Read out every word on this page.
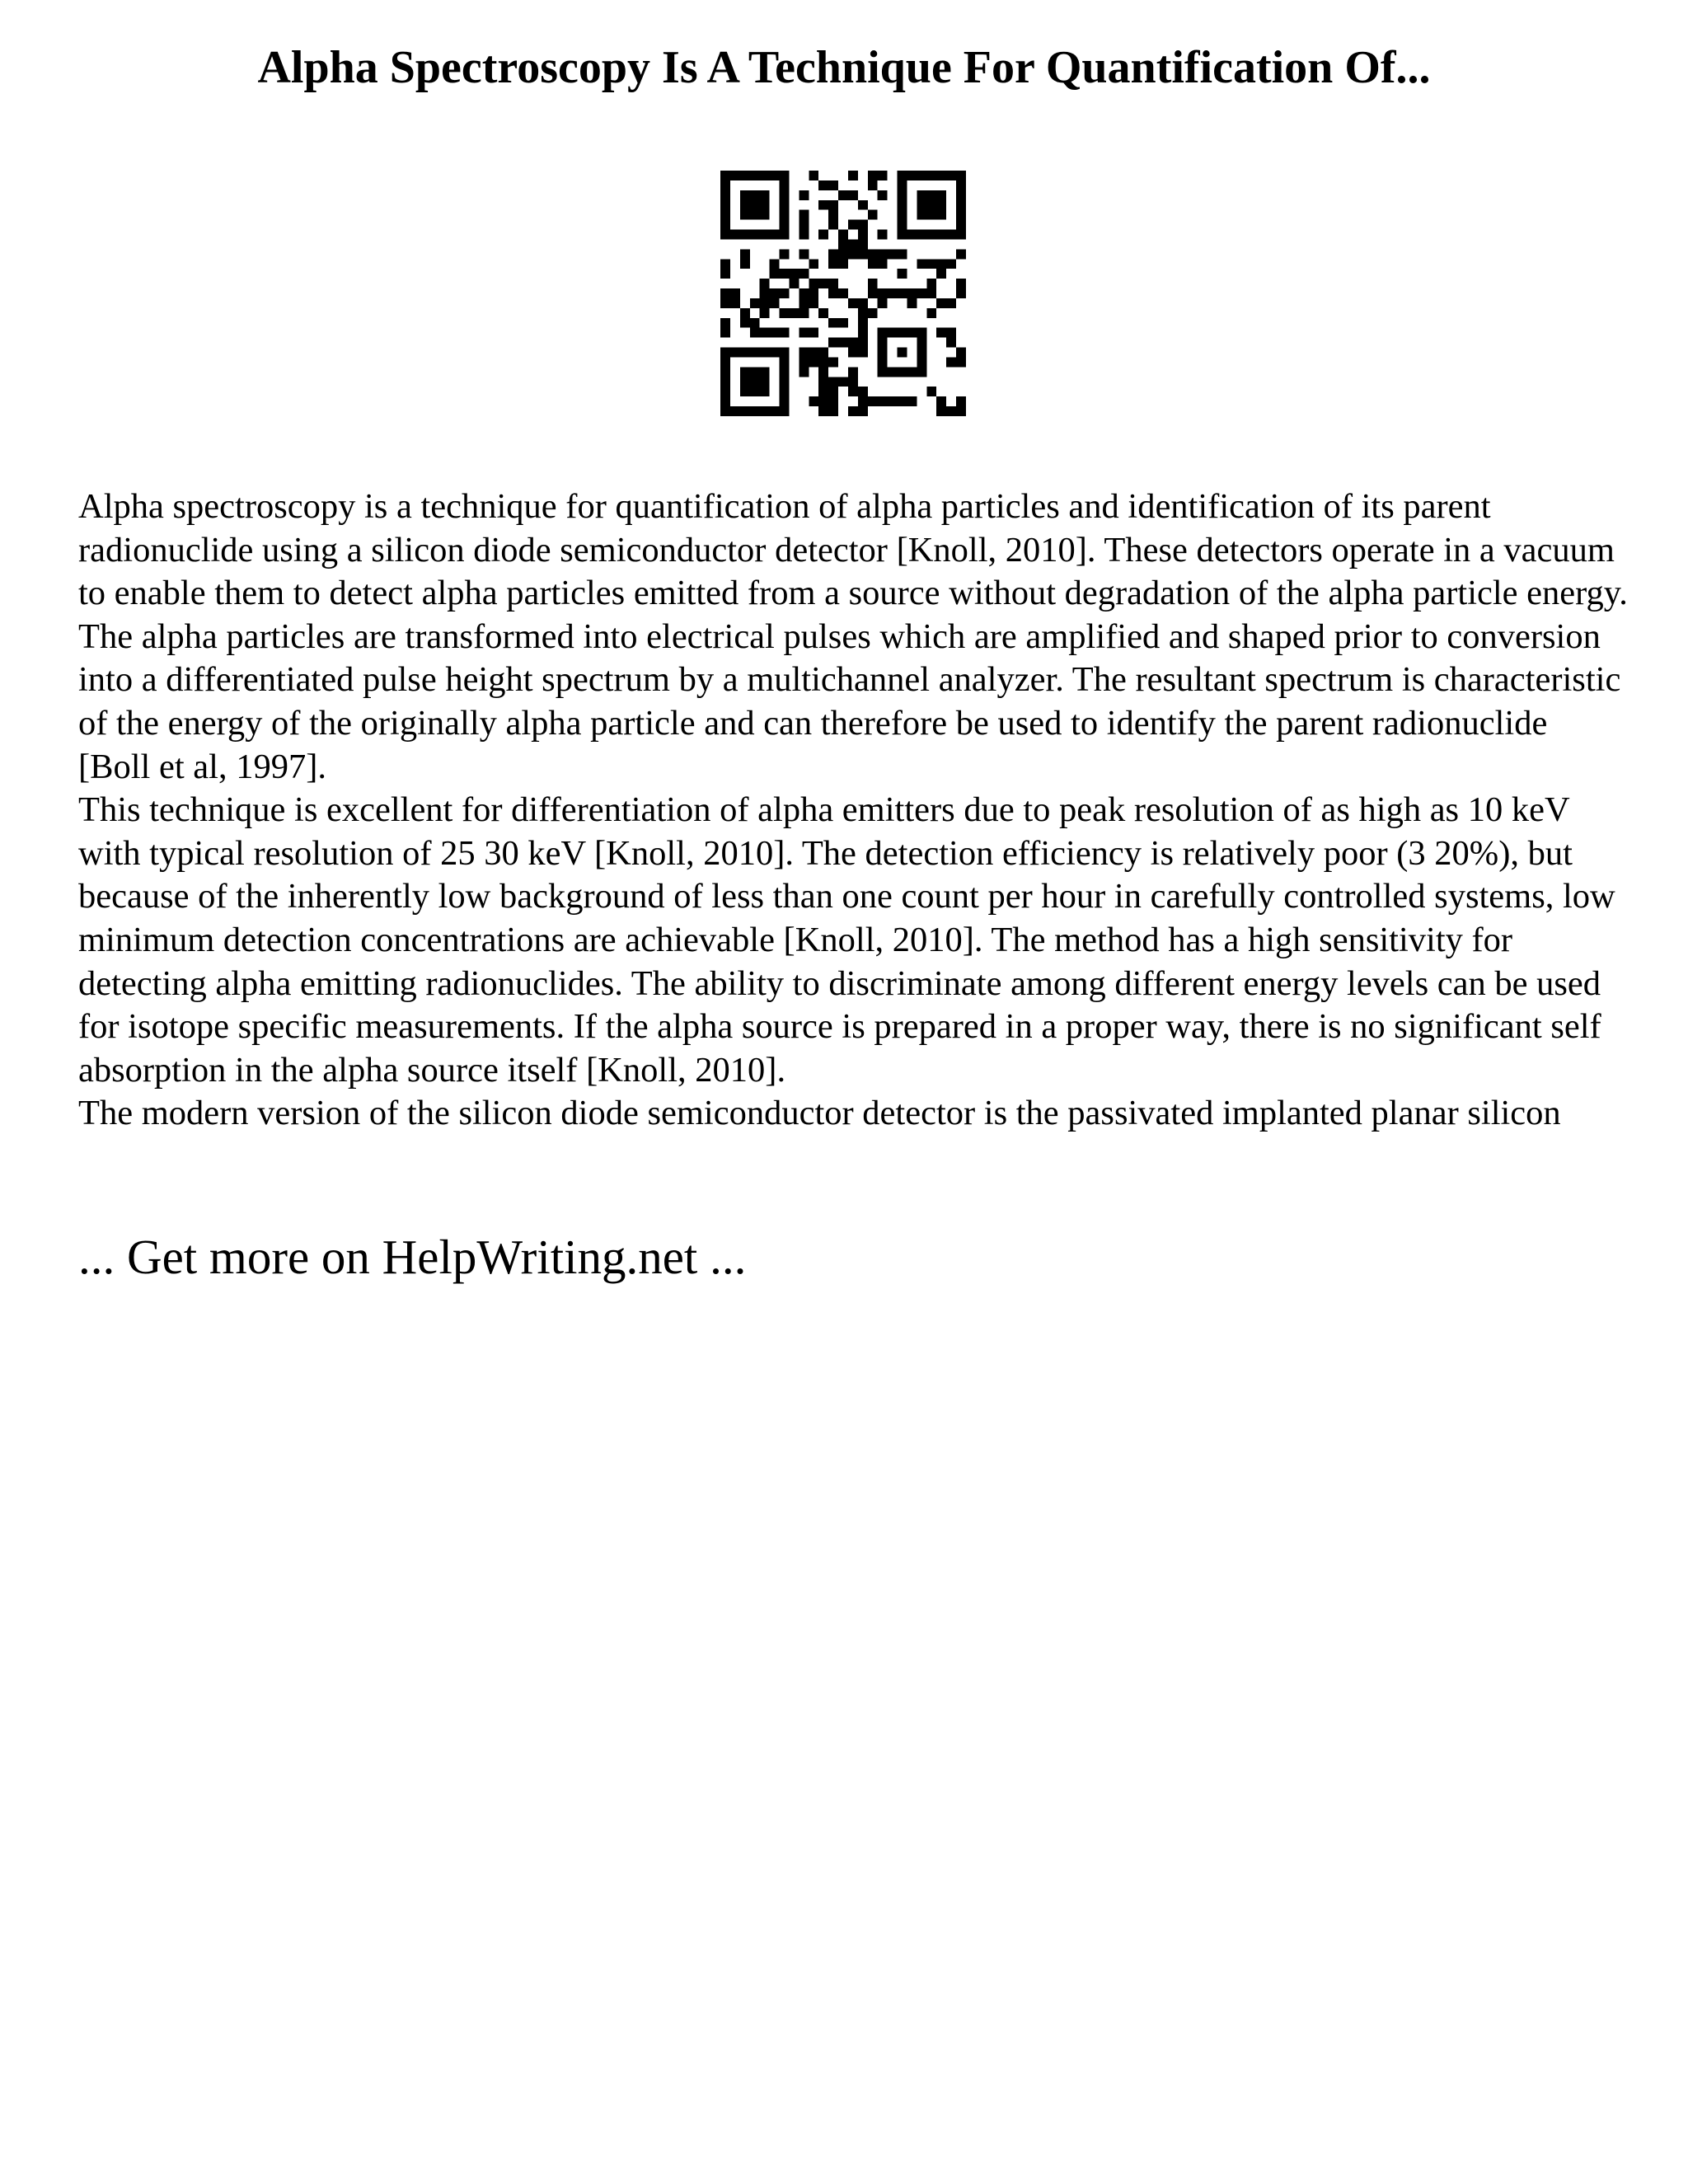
Alpha Spectroscopy Is A Technique For Quantification Of...

Alpha spectroscopy is a technique for quantification of alpha particles and identification of its parent radionuclide using a silicon diode semiconductor detector [Knoll, 2010]. These detectors operate in a vacuum to enable them to detect alpha particles emitted from a source without degradation of the alpha particle energy. The alpha particles are transformed into electrical pulses which are amplified and shaped prior to conversion into a differentiated pulse height spectrum by a multichannel analyzer. The resultant spectrum is characteristic of the energy of the originally alpha particle and can therefore be used to identify the parent radionuclide [Boll et al, 1997].

This technique is excellent for differentiation of alpha emitters due to peak resolution of as high as 10 keV with typical resolution of 25 30 keV [Knoll, 2010]. The detection efficiency is relatively poor (3 20%), but because of the inherently low background of less than one count per hour in carefully controlled systems, low minimum detection concentrations are achievable [Knoll, 2010]. The method has a high sensitivity for detecting alpha emitting radionuclides. The ability to discriminate among different energy levels can be used for isotope specific measurements. If the alpha source is prepared in a proper way, there is no significant self absorption in the alpha source itself [Knoll, 2010].

The modern version of the silicon diode semiconductor detector is the passivated implanted planar silicon

... Get more on HelpWriting.net ...
